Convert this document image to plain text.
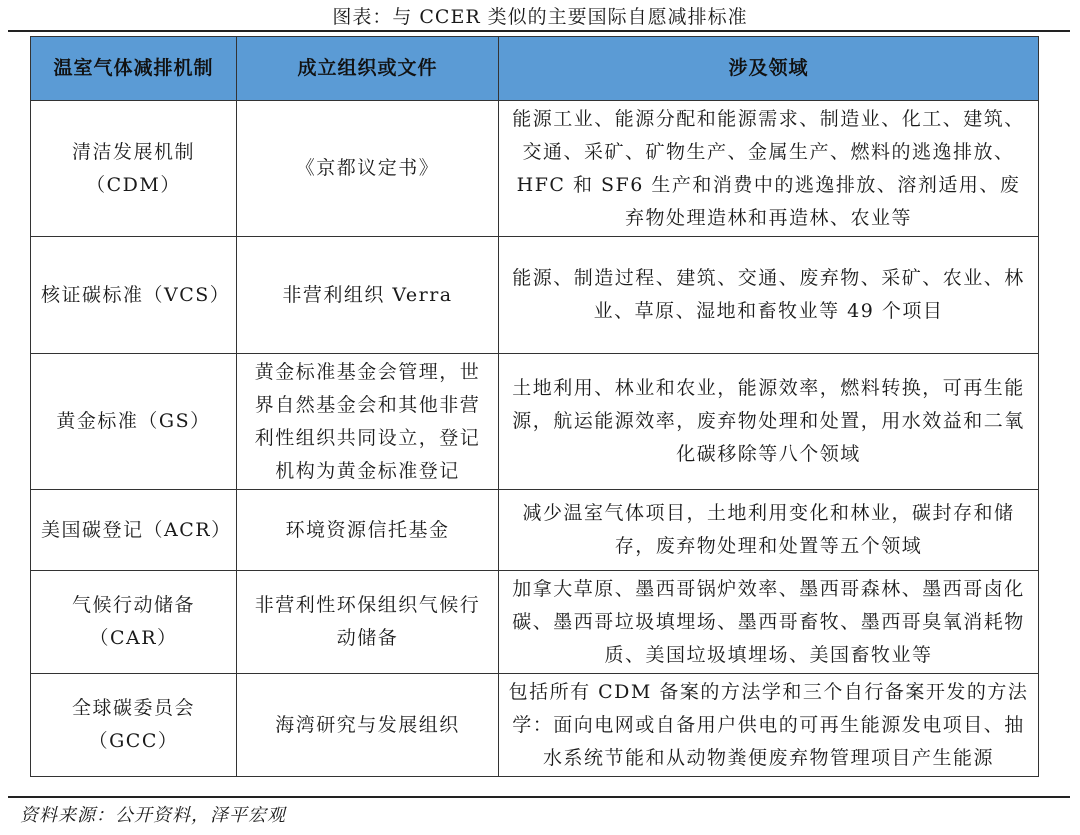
图表：与 CCER 类似的主要国际自愿减排标准
温室气体减排机制	成立组织或文件	涉及领域
清洁发展机制（CDM）	《京都议定书》	能源工业、能源分配和能源需求、制造业、化工、建筑、交通、采矿、矿物生产、金属生产、燃料的逃逸排放、HFC 和 SF6 生产和消费中的逃逸排放、溶剂适用、废弃物处理造林和再造林、农业等
核证碳标准（VCS）	非营利组织 Verra	能源、制造过程、建筑、交通、废弃物、采矿、农业、林业、草原、湿地和畜牧业等 49 个项目
黄金标准（GS）	黄金标准基金会管理，世界自然基金会和其他非营利性组织共同设立，登记机构为黄金标准登记	土地利用、林业和农业，能源效率，燃料转换，可再生能源，航运能源效率，废弃物处理和处置，用水效益和二氧化碳移除等八个领域
美国碳登记（ACR）	环境资源信托基金	减少温室气体项目，土地利用变化和林业，碳封存和储存，废弃物处理和处置等五个领域
气候行动储备（CAR）	非营利性环保组织气候行动储备	加拿大草原、墨西哥锅炉效率、墨西哥森林、墨西哥卤化碳、墨西哥垃圾填埋场、墨西哥畜牧、墨西哥臭氧消耗物质、美国垃圾填埋场、美国畜牧业等
全球碳委员会（GCC）	海湾研究与发展组织	包括所有 CDM 备案的方法学和三个自行备案开发的方法学：面向电网或自备用户供电的可再生能源发电项目、抽水系统节能和从动物粪便废弃物管理项目产生能源
资料来源：公开资料，泽平宏观
